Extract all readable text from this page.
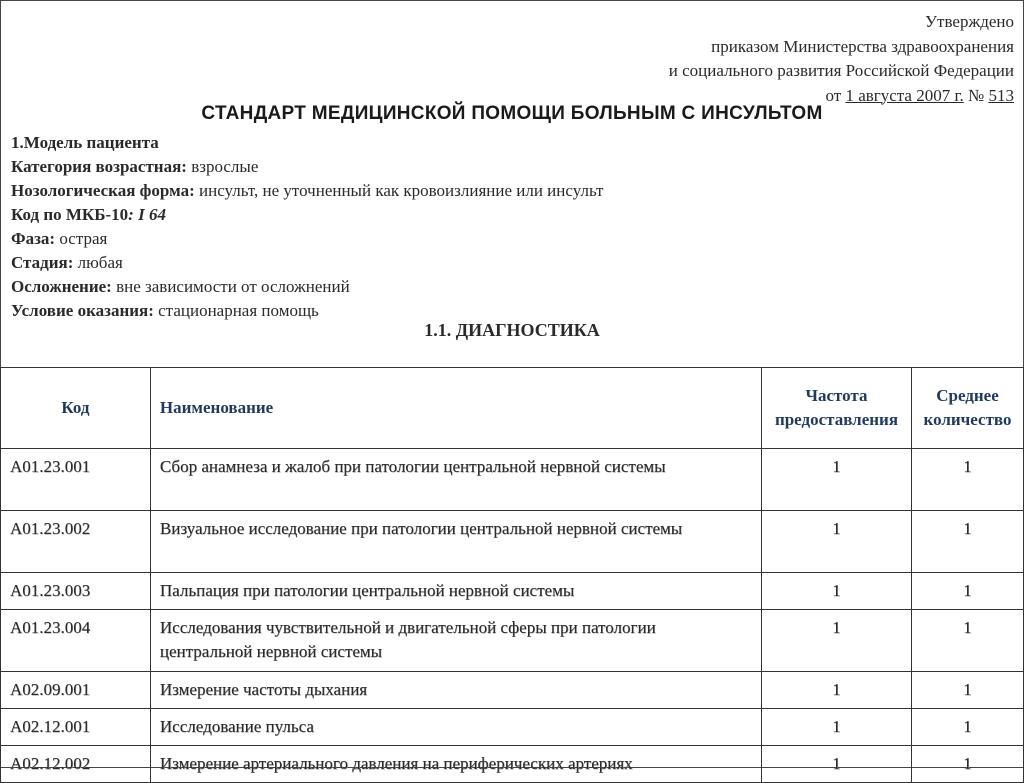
Утверждено
приказом Министерства здравоохранения
и социального развития Российской Федерации
от 1 августа 2007 г. № 513
СТАНДАРТ МЕДИЦИНСКОЙ ПОМОЩИ БОЛЬНЫМ С ИНСУЛЬТОМ
1.Модель пациента
Категория возрастная: взрослые
Нозологическая форма: инсульт, не уточненный как кровоизлияние или инсульт
Код по МКБ-10: I 64
Фаза: острая
Стадия: любая
Осложнение: вне зависимости от осложнений
Условие оказания: стационарная помощь
1.1. ДИАГНОСТИКА
Код	Наименование	Частота предоставления	Среднее количество
А01.23.001	Сбор анамнеза и жалоб при патологии центральной нервной системы	1	1
А01.23.002	Визуальное исследование при патологии центральной нервной системы	1	1
А01.23.003	Пальпация при патологии центральной нервной системы	1	1
А01.23.004	Исследования чувствительной и двигательной сферы при патологии центральной нервной системы	1	1
А02.09.001	Измерение частоты дыхания	1	1
А02.12.001	Исследование пульса	1	1
А02.12.002	Измерение артериального давления на периферических артериях	1	1
